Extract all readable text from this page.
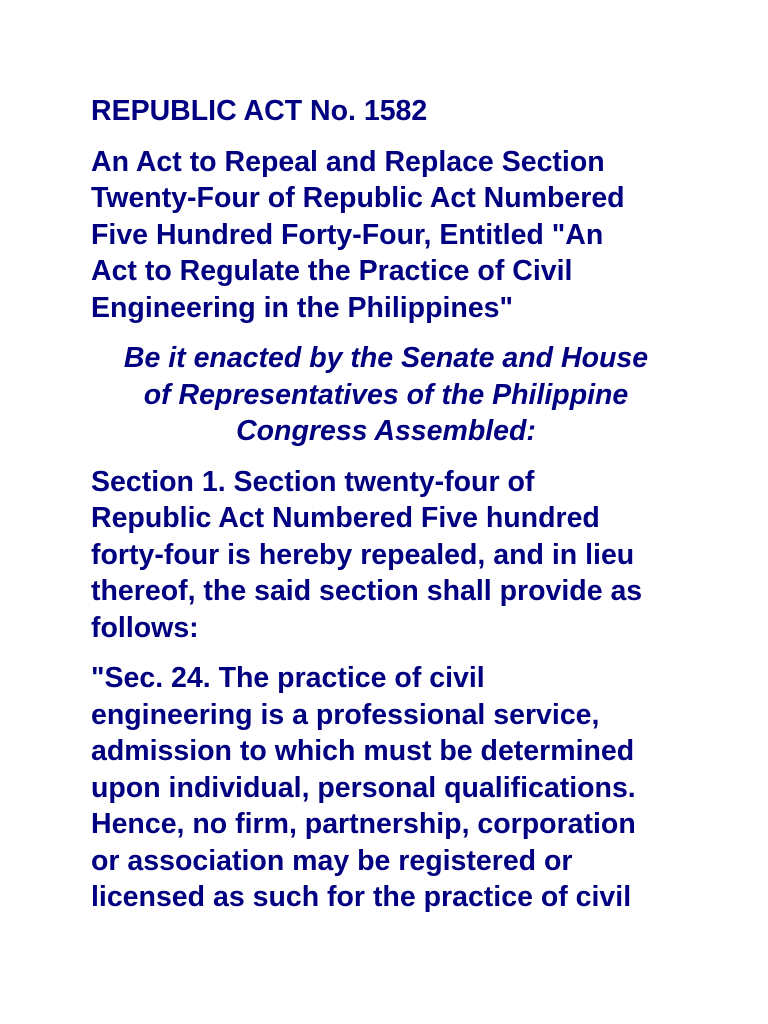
REPUBLIC ACT No. 1582

An Act to Repeal and Replace Section
Twenty-Four of Republic Act Numbered
Five Hundred Forty-Four, Entitled "An
Act to Regulate the Practice of Civil
Engineering in the Philippines"

Be it enacted by the Senate and House
of Representatives of the Philippine
Congress Assembled:

Section 1. Section twenty-four of
Republic Act Numbered Five hundred
forty-four is hereby repealed, and in lieu
thereof, the said section shall provide as
follows:

"Sec. 24. The practice of civil
engineering is a professional service,
admission to which must be determined
upon individual, personal qualifications.
Hence, no firm, partnership, corporation
or association may be registered or
licensed as such for the practice of civil
